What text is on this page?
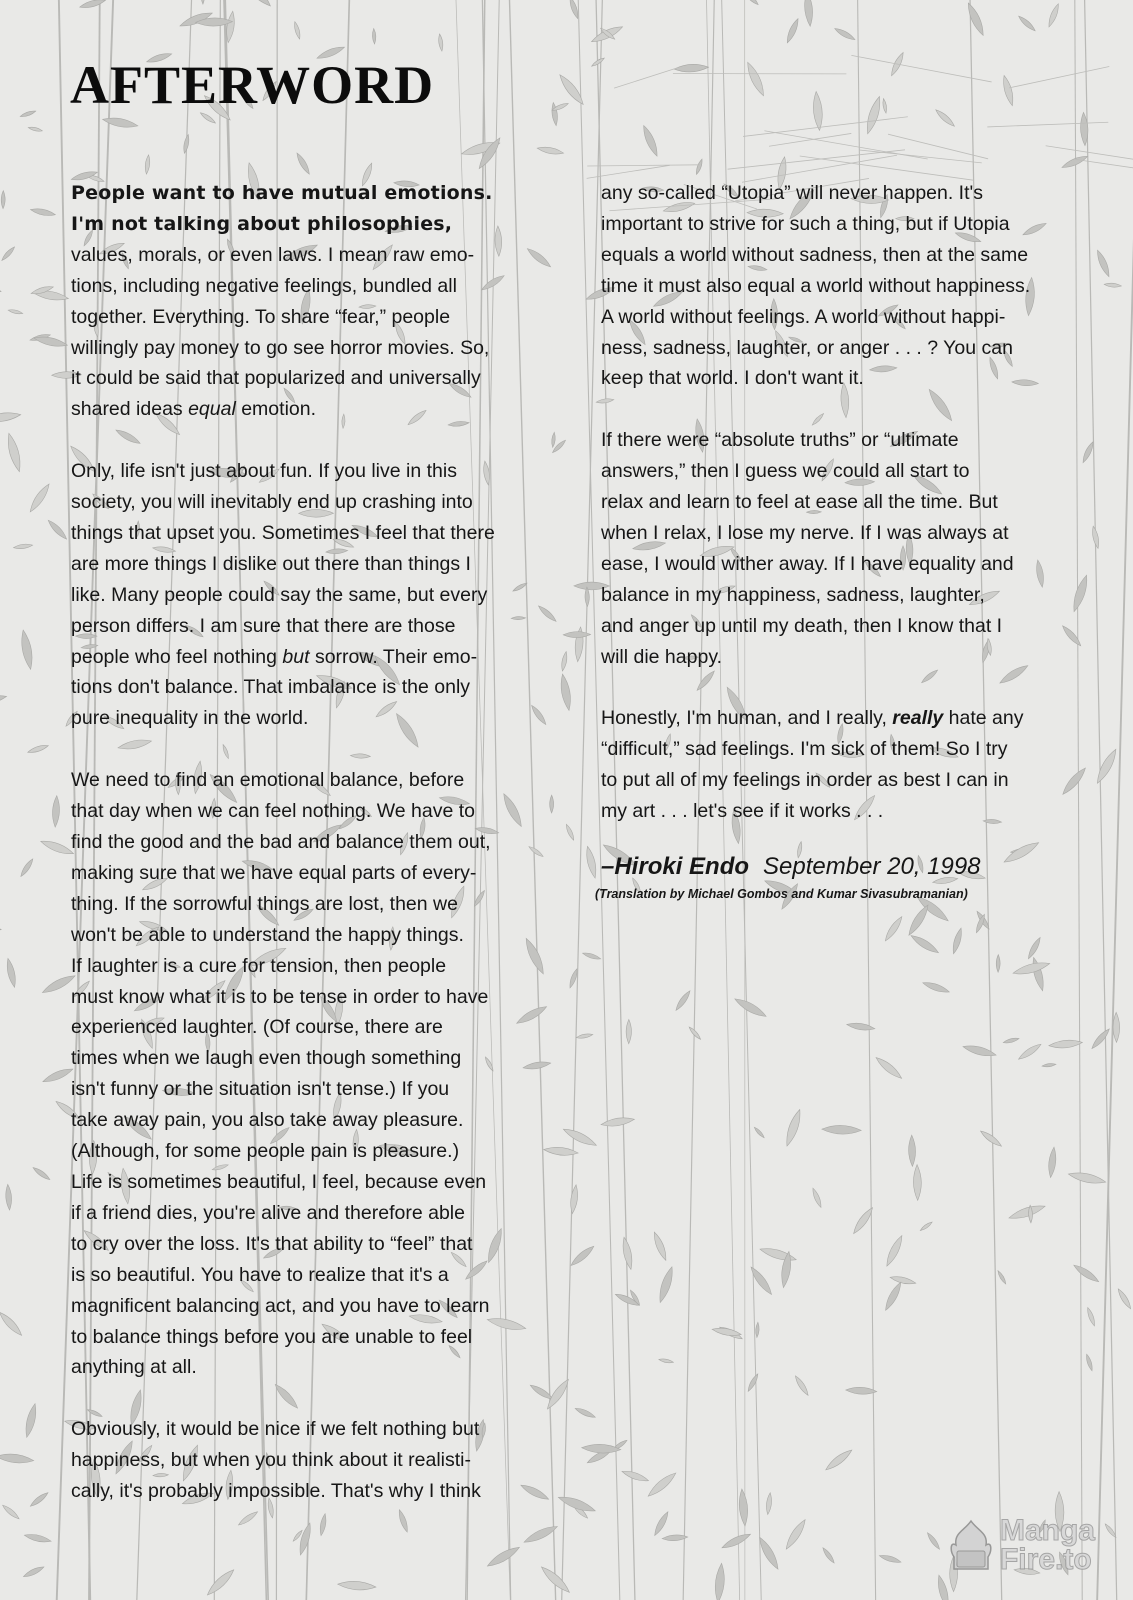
AFTERWORD
People want to have mutual emotions.
I'm not talking about philosophies,
values, morals, or even laws. I mean raw emo-
tions, including negative feelings, bundled all
together. Everything. To share “fear,” people
willingly pay money to go see horror movies. So,
it could be said that popularized and universally
shared ideas equal emotion.
Only, life isn't just about fun. If you live in this
society, you will inevitably end up crashing into
things that upset you. Sometimes I feel that there
are more things I dislike out there than things I
like. Many people could say the same, but every
person differs. I am sure that there are those
people who feel nothing but sorrow. Their emo-
tions don't balance. That imbalance is the only
pure inequality in the world.
We need to find an emotional balance, before
that day when we can feel nothing. We have to
find the good and the bad and balance them out,
making sure that we have equal parts of every-
thing. If the sorrowful things are lost, then we
won't be able to understand the happy things.
If laughter is a cure for tension, then people
must know what it is to be tense in order to have
experienced laughter. (Of course, there are
times when we laugh even though something
isn't funny or the situation isn't tense.) If you
take away pain, you also take away pleasure.
(Although, for some people pain is pleasure.)
Life is sometimes beautiful, I feel, because even
if a friend dies, you're alive and therefore able
to cry over the loss. It's that ability to “feel” that
is so beautiful. You have to realize that it's a
magnificent balancing act, and you have to learn
to balance things before you are unable to feel
anything at all.
Obviously, it would be nice if we felt nothing but
happiness, but when you think about it realisti-
cally, it's probably impossible. That's why I think
any so-called “Utopia” will never happen. It's
important to strive for such a thing, but if Utopia
equals a world without sadness, then at the same
time it must also equal a world without happiness.
A world without feelings. A world without happi-
ness, sadness, laughter, or anger . . . ? You can
keep that world. I don't want it.
If there were “absolute truths” or “ultimate
answers,” then I guess we could all start to
relax and learn to feel at ease all the time. But
when I relax, I lose my nerve. If I was always at
ease, I would wither away. If I have equality and
balance in my happiness, sadness, laughter,
and anger up until my death, then I know that I
will die happy.
Honestly, I'm human, and I really, really hate any
“difficult,” sad feelings. I'm sick of them! So I try
to put all of my feelings in order as best I can in
my art . . . let's see if it works . . .
–Hiroki Endo September 20, 1998
(Translation by Michael Gombos and Kumar Sivasubramanian)
Manga
Fire.to
